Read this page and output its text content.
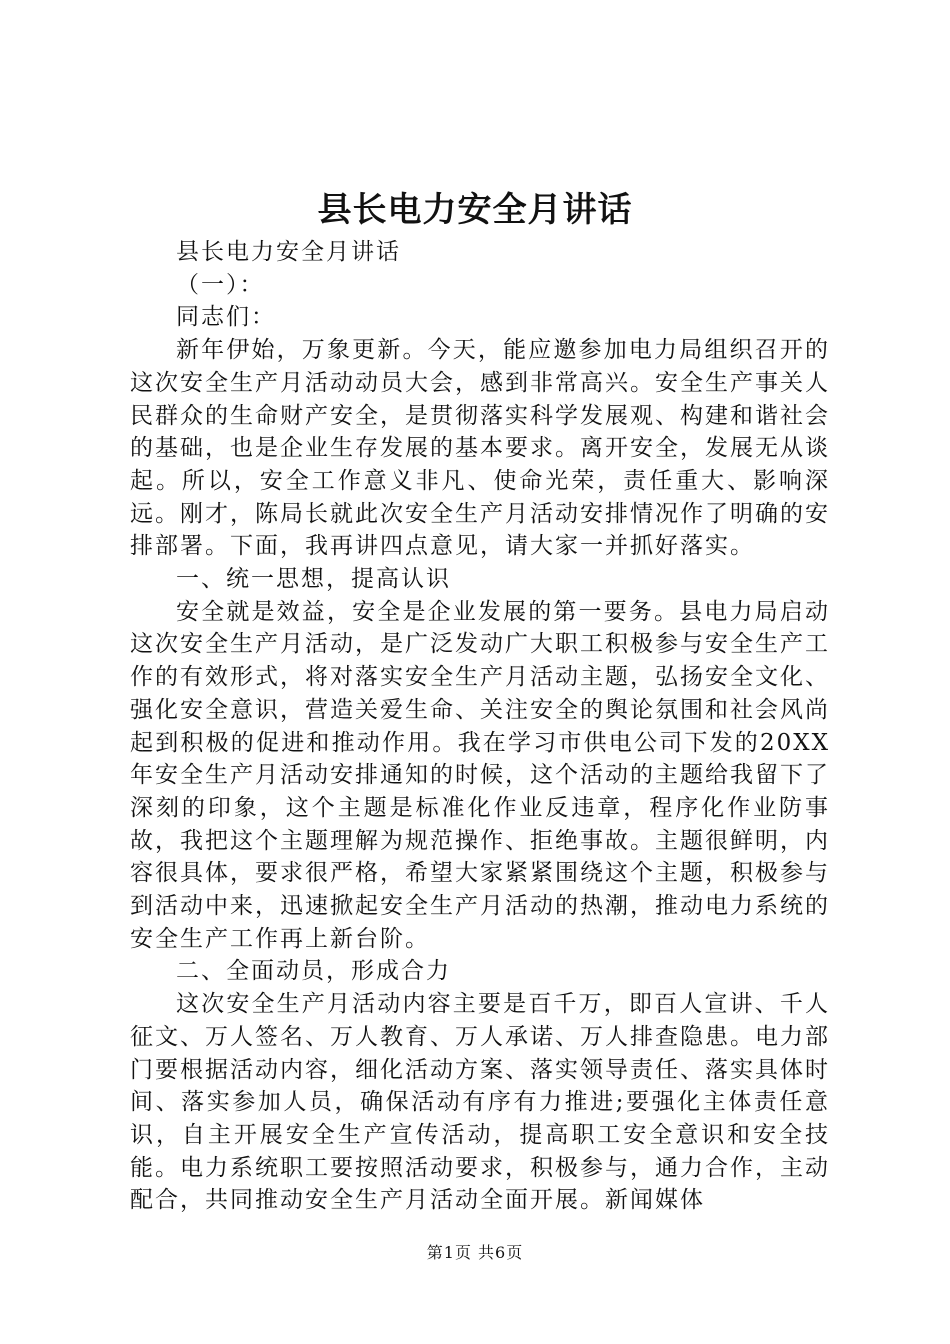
县长电力安全月讲话

县长电力安全月讲话

（一）：

同志们：

新年伊始，万象更新。今天，能应邀参加电力局组织召开的这次安全生产月活动动员大会，感到非常高兴。安全生产事关人民群众的生命财产安全，是贯彻落实科学发展观、构建和谐社会的基础，也是企业生存发展的基本要求。离开安全，发展无从谈起。所以，安全工作意义非凡、使命光荣，责任重大、影响深远。刚才，陈局长就此次安全生产月活动安排情况作了明确的安排部署。下面，我再讲四点意见，请大家一并抓好落实。

一、统一思想，提高认识

安全就是效益，安全是企业发展的第一要务。县电力局启动这次安全生产月活动，是广泛发动广大职工积极参与安全生产工作的有效形式，将对落实安全生产月活动主题，弘扬安全文化、强化安全意识，营造关爱生命、关注安全的舆论氛围和社会风尚起到积极的促进和推动作用。我在学习市供电公司下发的20XX年安全生产月活动安排通知的时候，这个活动的主题给我留下了深刻的印象，这个主题是标准化作业反违章，程序化作业防事故，我把这个主题理解为规范操作、拒绝事故。主题很鲜明，内容很具体，要求很严格，希望大家紧紧围绕这个主题，积极参与到活动中来，迅速掀起安全生产月活动的热潮，推动电力系统的安全生产工作再上新台阶。

二、全面动员，形成合力

这次安全生产月活动内容主要是百千万，即百人宣讲、千人征文、万人签名、万人教育、万人承诺、万人排查隐患。电力部门要根据活动内容，细化活动方案、落实领导责任、落实具体时间、落实参加人员，确保活动有序有力推进;要强化主体责任意识，自主开展安全生产宣传活动，提高职工安全意识和安全技能。电力系统职工要按照活动要求，积极参与，通力合作，主动配合，共同推动安全生产月活动全面开展。新闻媒体

第1页 共6页
